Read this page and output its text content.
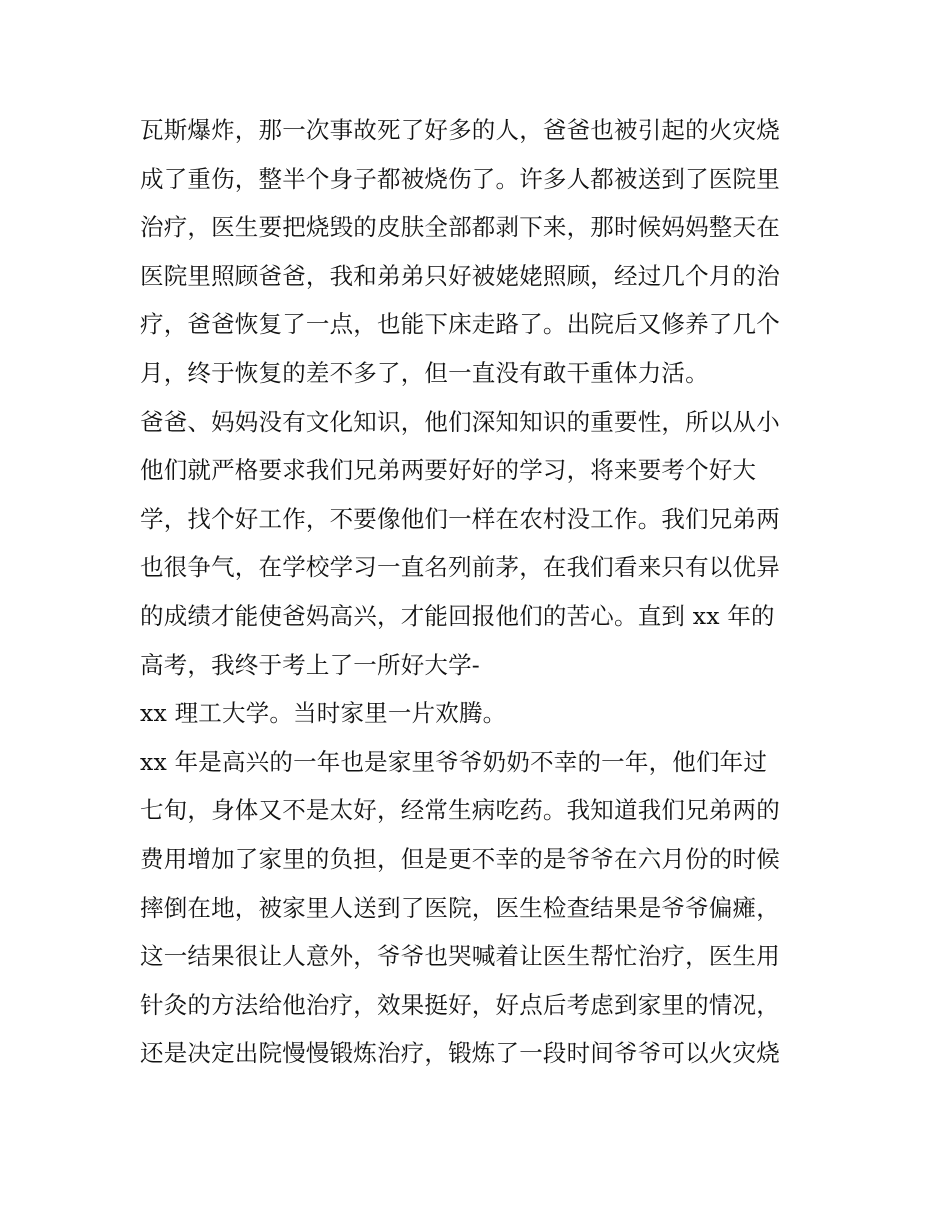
瓦斯爆炸，那一次事故死了好多的人，爸爸也被引起的火灾烧
成了重伤，整半个身子都被烧伤了。许多人都被送到了医院里
治疗，医生要把烧毁的皮肤全部都剥下来，那时候妈妈整天在
医院里照顾爸爸，我和弟弟只好被姥姥照顾，经过几个月的治
疗，爸爸恢复了一点，也能下床走路了。出院后又修养了几个
月，终于恢复的差不多了，但一直没有敢干重体力活。
爸爸、妈妈没有文化知识，他们深知知识的重要性，所以从小
他们就严格要求我们兄弟两要好好的学习，将来要考个好大
学，找个好工作，不要像他们一样在农村没工作。我们兄弟两
也很争气，在学校学习一直名列前茅，在我们看来只有以优异
的成绩才能使爸妈高兴，才能回报他们的苦心。直到 xx 年的
高考，我终于考上了一所好大学-
xx 理工大学。当时家里一片欢腾。
xx 年是高兴的一年也是家里爷爷奶奶不幸的一年，他们年过
七旬，身体又不是太好，经常生病吃药。我知道我们兄弟两的
费用增加了家里的负担，但是更不幸的是爷爷在六月份的时候
摔倒在地，被家里人送到了医院，医生检查结果是爷爷偏瘫，
这一结果很让人意外，爷爷也哭喊着让医生帮忙治疗，医生用
针灸的方法给他治疗，效果挺好，好点后考虑到家里的情况，
还是决定出院慢慢锻炼治疗，锻炼了一段时间爷爷可以火灾烧
